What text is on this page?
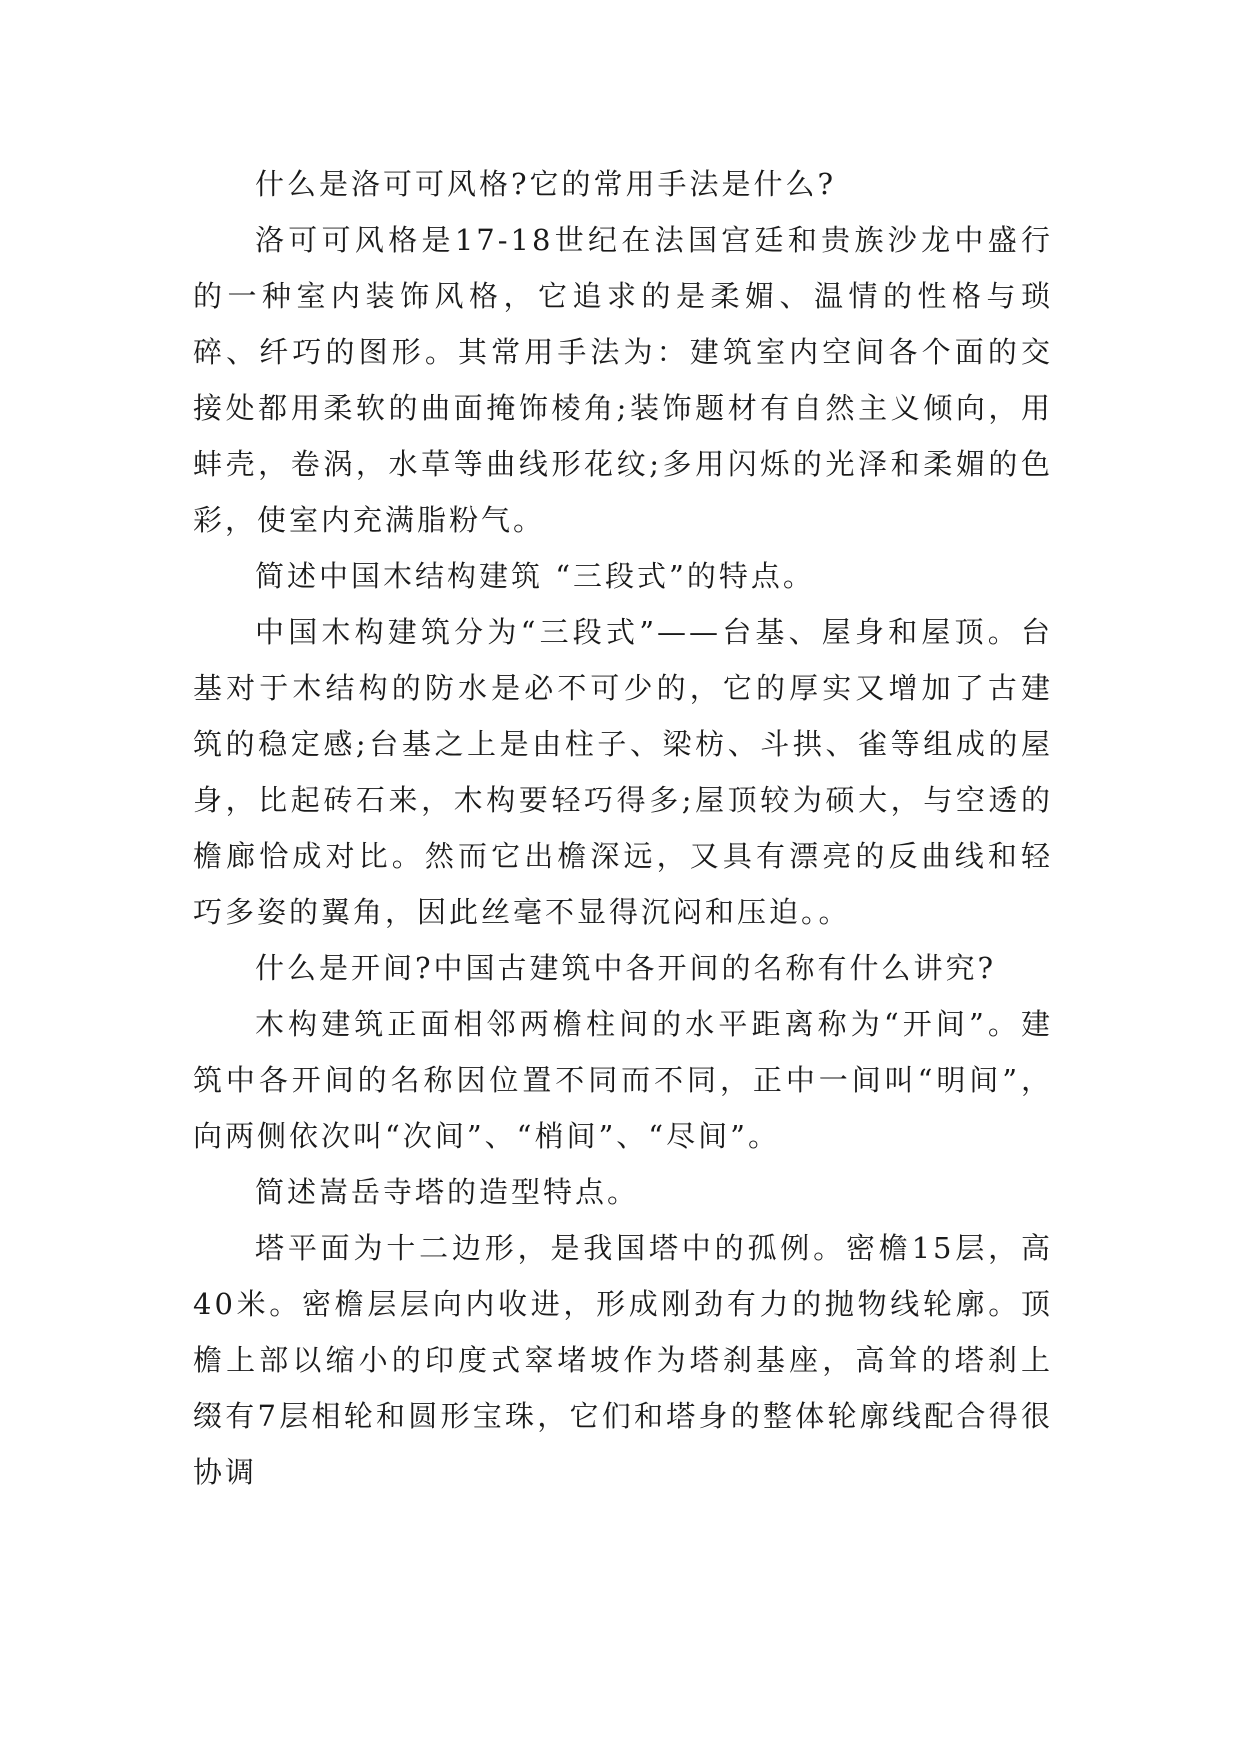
什么是洛可可风格?它的常用手法是什么?

洛可可风格是17-18世纪在法国宫廷和贵族沙龙中盛行的一种室内装饰风格，它追求的是柔媚、温情的性格与琐碎、纤巧的图形。其常用手法为：建筑室内空间各个面的交接处都用柔软的曲面掩饰棱角;装饰题材有自然主义倾向，用蚌壳，卷涡，水草等曲线形花纹;多用闪烁的光泽和柔媚的色彩，使室内充满脂粉气。

简述中国木结构建筑 “三段式”的特点。

中国木构建筑分为“三段式”——台基、屋身和屋顶。台基对于木结构的防水是必不可少的，它的厚实又增加了古建筑的稳定感;台基之上是由柱子、梁枋、斗拱、雀等组成的屋身，比起砖石来，木构要轻巧得多;屋顶较为硕大，与空透的檐廊恰成对比。然而它出檐深远，又具有漂亮的反曲线和轻巧多姿的翼角，因此丝毫不显得沉闷和压迫。。

什么是开间?中国古建筑中各开间的名称有什么讲究?

木构建筑正面相邻两檐柱间的水平距离称为“开间”。建筑中各开间的名称因位置不同而不同，正中一间叫“明间”，向两侧依次叫“次间”、“梢间”、“尽间”。

简述嵩岳寺塔的造型特点。

塔平面为十二边形，是我国塔中的孤例。密檐15层，高40米。密檐层层向内收进，形成刚劲有力的抛物线轮廓。顶檐上部以缩小的印度式窣堵坡作为塔刹基座，高耸的塔刹上缀有7层相轮和圆形宝珠，它们和塔身的整体轮廓线配合得很协调
